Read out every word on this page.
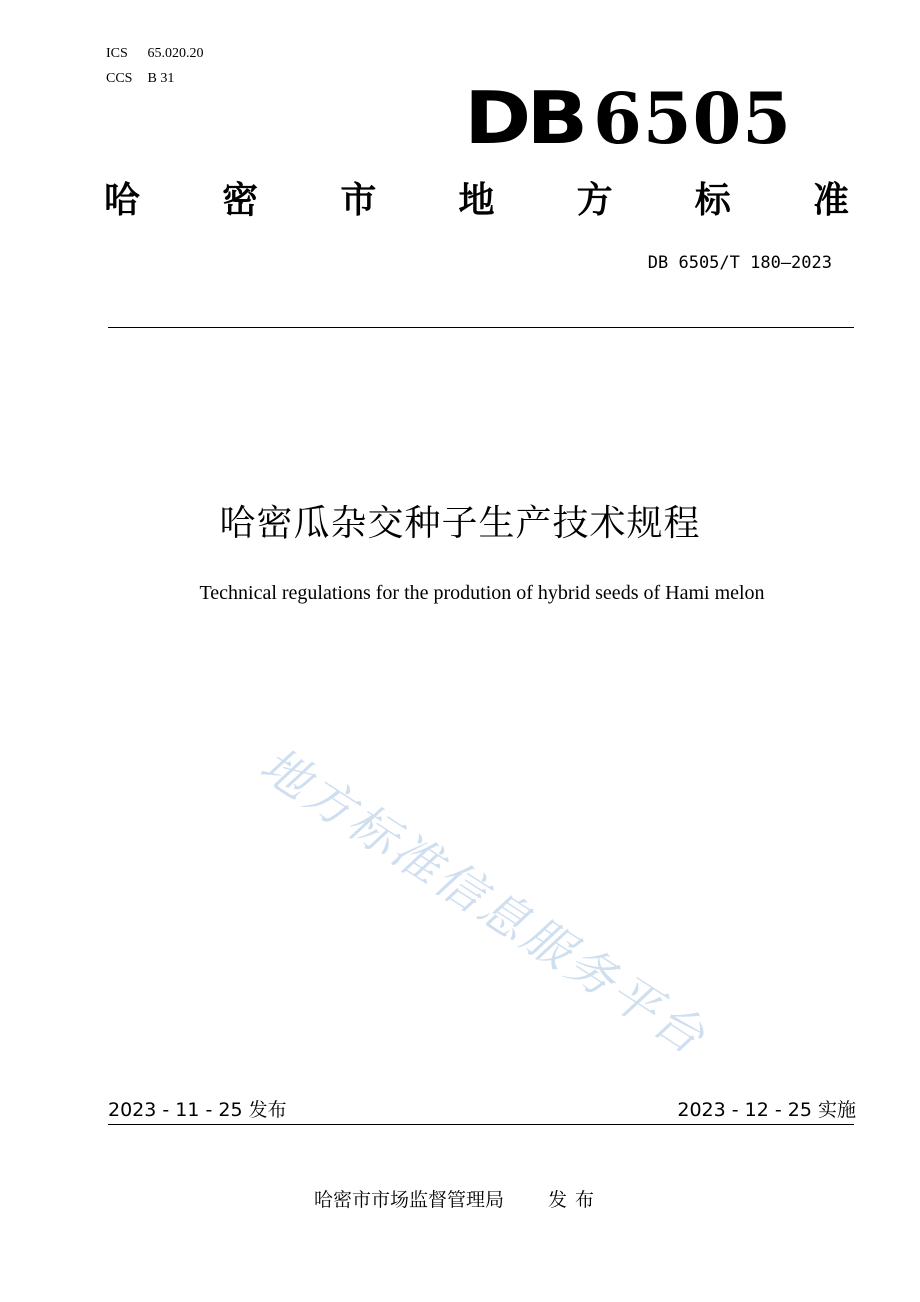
ICS 65.020.20
CCS B 31	DB 6505
哈 密 市 地 方 标 准
DB 6505/T 180—2023
哈密瓜杂交种子生产技术规程
Technical regulations for the prodution of hybrid seeds of Hami melon
地方标准信息服务平台
2023 - 11 - 25 发布	2023 - 12 - 25 实施
哈密市市场监督管理局 发布
